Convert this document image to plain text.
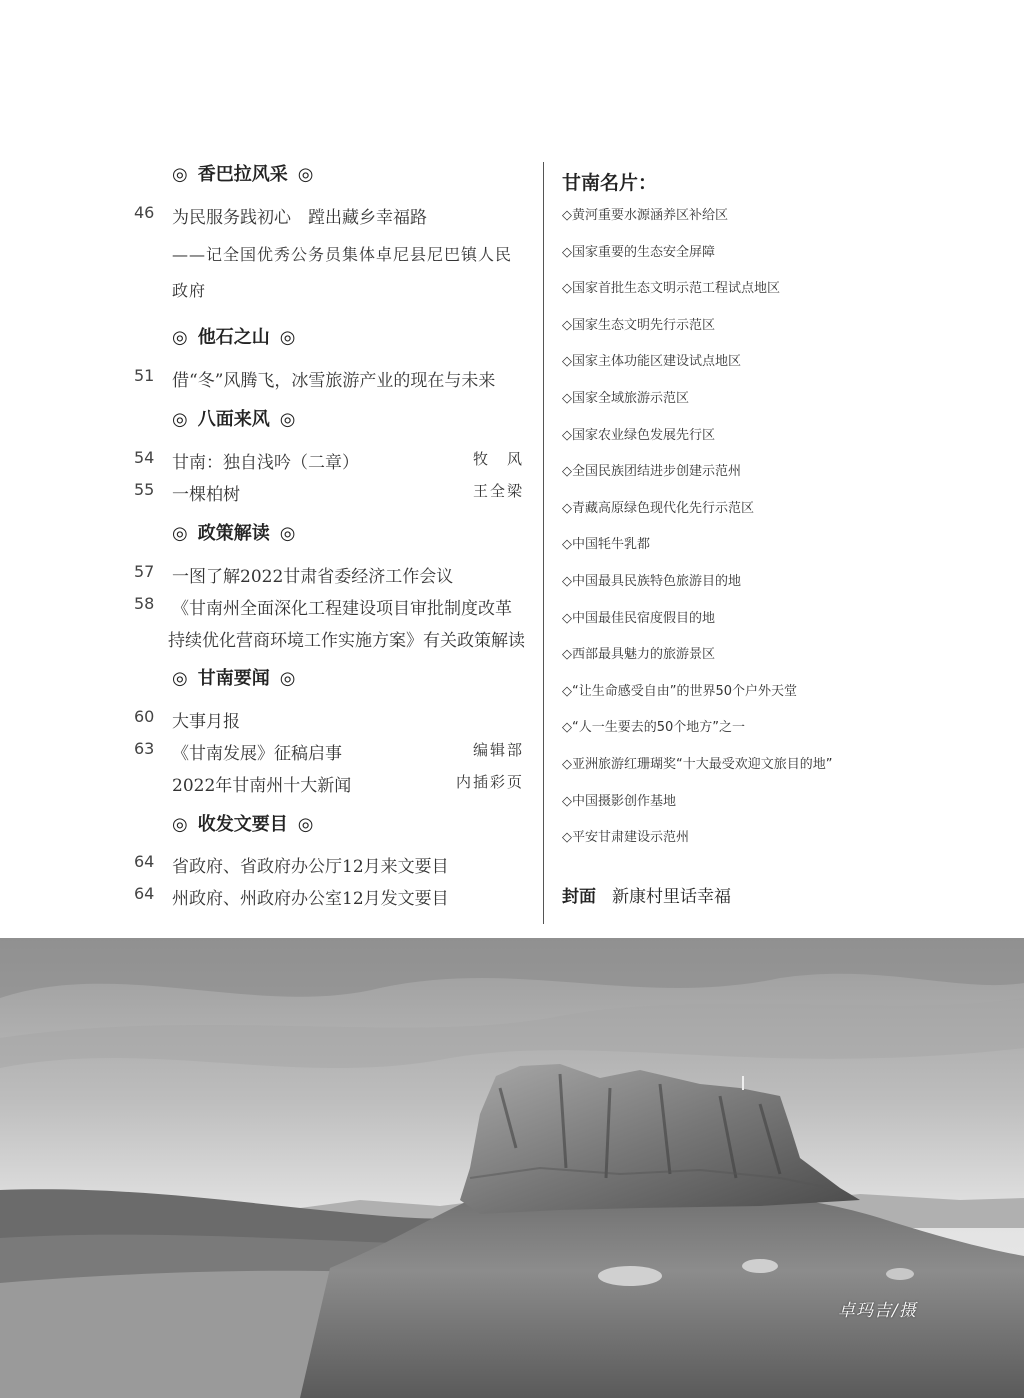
◎ 香巴拉风采 ◎
◎ 他石之山 ◎
◎ 八面来风 ◎
◎ 政策解读 ◎
◎ 甘南要闻 ◎
◎ 收发文要目 ◎
46	为民服务践初心　蹚出藏乡幸福路
——记全国优秀公务员集体卓尼县尼巴镇人民政府
51	借“冬”风腾飞，冰雪旅游产业的现在与未来
54	甘南：独自浅吟（二章）	牧　风
55	一棵柏树	王全梁
57	一图了解2022甘肃省委经济工作会议
58	《甘南州全面深化工程建设项目审批制度改革
持续优化营商环境工作实施方案》有关政策解读
60	大事月报
63	《甘南发展》征稿启事	编辑部
2022年甘南州十大新闻	内插彩页
64	省政府、省政府办公厅12月来文要目
64	州政府、州政府办公室12月发文要目
甘南名片：
◇黄河重要水源涵养区补给区
◇国家重要的生态安全屏障
◇国家首批生态文明示范工程试点地区
◇国家生态文明先行示范区
◇国家主体功能区建设试点地区
◇国家全域旅游示范区
◇国家农业绿色发展先行区
◇全国民族团结进步创建示范州
◇青藏高原绿色现代化先行示范区
◇中国牦牛乳都
◇中国最具民族特色旅游目的地
◇中国最佳民宿度假目的地
◇西部最具魅力的旅游景区
◇“让生命感受自由”的世界50个户外天堂
◇“人一生要去的50个地方”之一
◇亚洲旅游红珊瑚奖“十大最受欢迎文旅目的地”
◇中国摄影创作基地
◇平安甘肃建设示范州
封面 新康村里话幸福
卓玛吉/摄
